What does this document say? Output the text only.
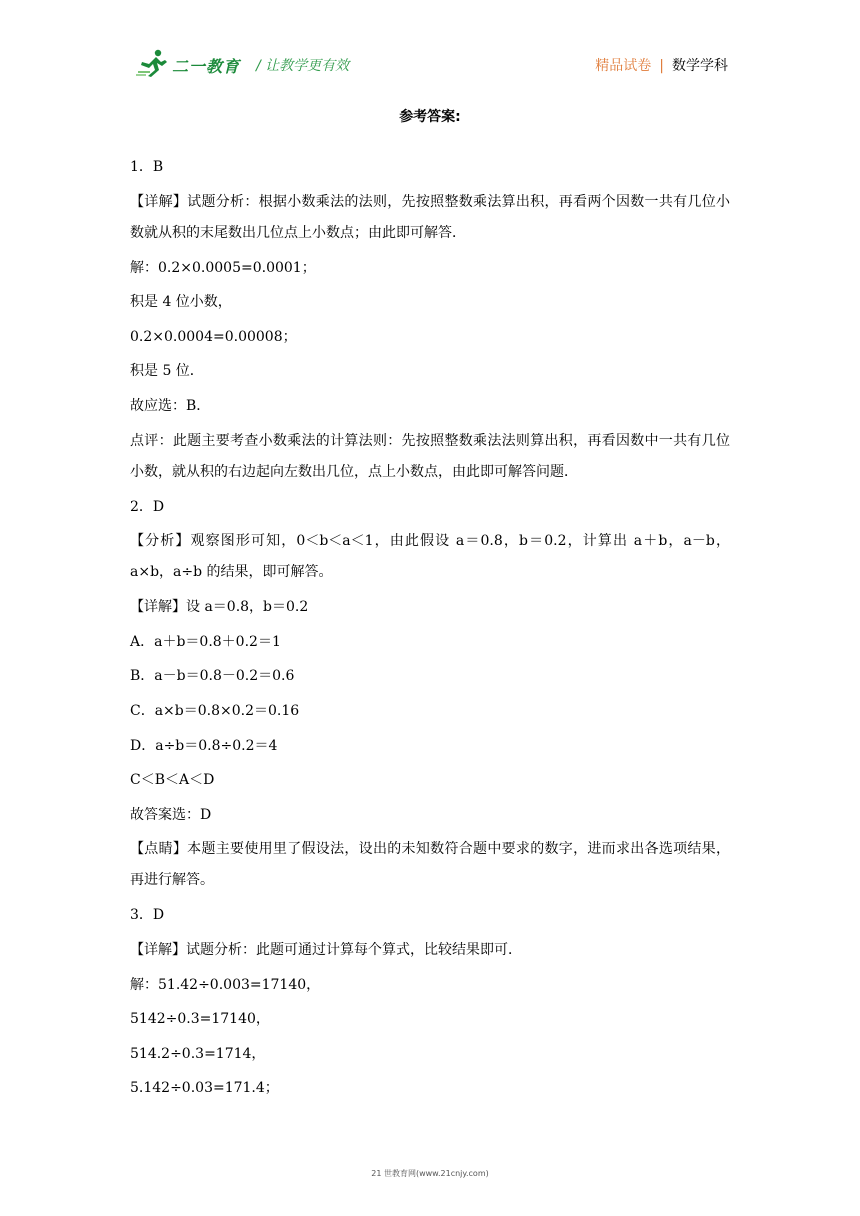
二一教育 / 让教学更有效	精品试卷 | 数学学科
参考答案:

1．B

【详解】试题分析：根据小数乘法的法则，先按照整数乘法算出积，再看两个因数一共有几位小数就从积的末尾数出几位点上小数点；由此即可解答．

解：0.2×0.0005=0.0001；

积是 4 位小数，

0.2×0.0004=0.00008；

积是 5 位．

故应选：B．

点评：此题主要考查小数乘法的计算法则：先按照整数乘法法则算出积，再看因数中一共有几位小数，就从积的右边起向左数出几位，点上小数点，由此即可解答问题．

2．D

【分析】观察图形可知，0＜b＜a＜1，由此假设 a＝0.8，b＝0.2，计算出 a＋b，a－b，a×b，a÷b 的结果，即可解答。

【详解】设 a＝0.8，b＝0.2

A．a＋b＝0.8＋0.2＝1

B．a－b＝0.8－0.2＝0.6

C．a×b＝0.8×0.2＝0.16

D．a÷b＝0.8÷0.2＝4

C＜B＜A＜D

故答案选：D

【点睛】本题主要使用里了假设法，设出的未知数符合题中要求的数字，进而求出各选项结果，再进行解答。

3．D

【详解】试题分析：此题可通过计算每个算式，比较结果即可．

解：51.42÷0.003=17140，

5142÷0.3=17140，

514.2÷0.3=1714，

5.142÷0.03=171.4；

21 世教育网(www.21cnjy.com)
